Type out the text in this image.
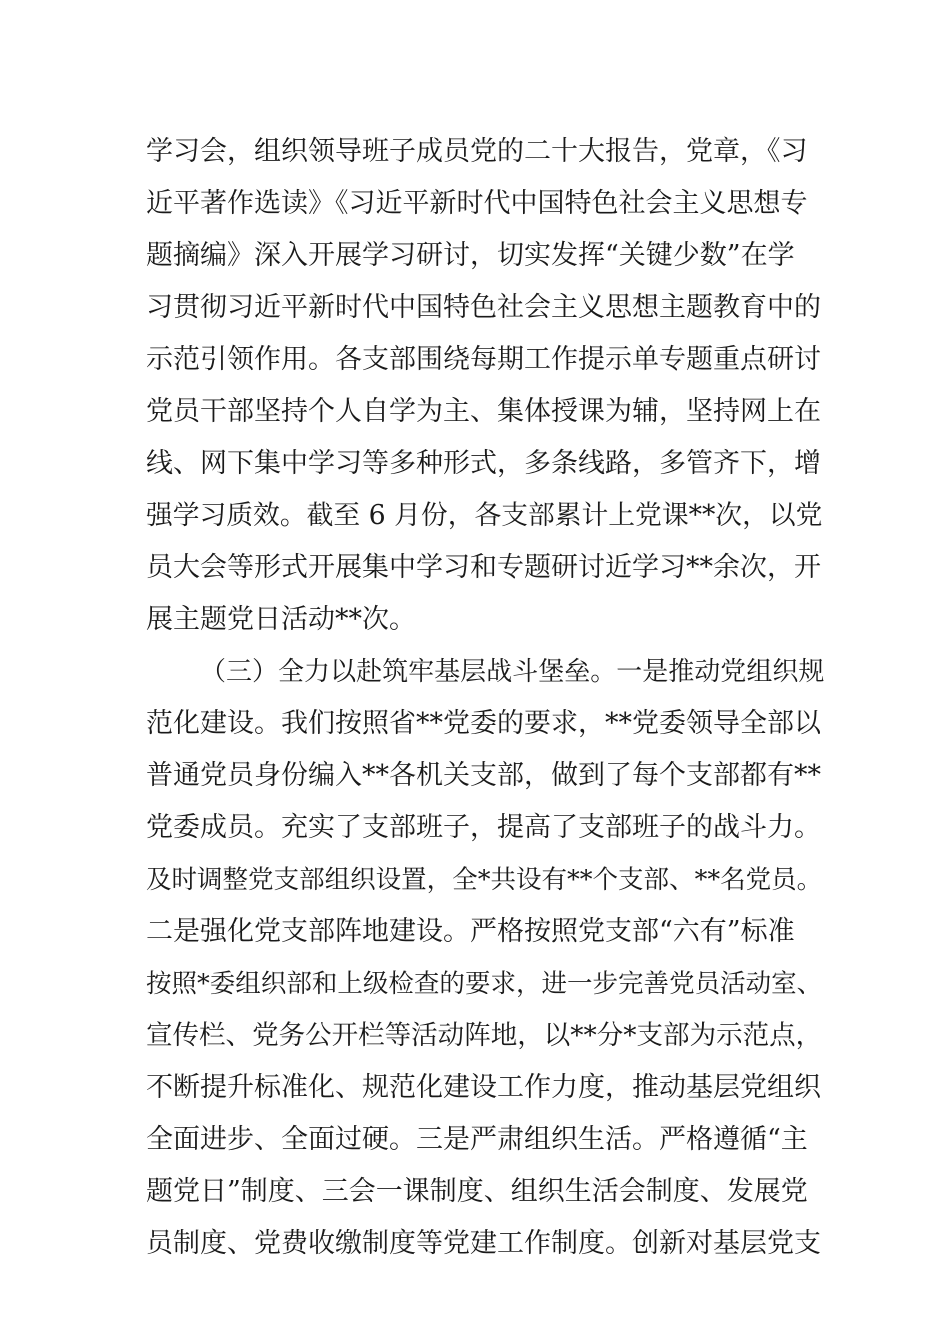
学习会，组织领导班子成员党的二十大报告，党章，《习
近平著作选读》《习近平新时代中国特色社会主义思想专
题摘编》深入开展学习研讨，切实发挥“关键少数”在学
习贯彻习近平新时代中国特色社会主义思想主题教育中的
示范引领作用。各支部围绕每期工作提示单专题重点研讨
党员干部坚持个人自学为主、集体授课为辅，坚持网上在
线、网下集中学习等多种形式，多条线路，多管齐下，增
强学习质效。截至 6 月份，各支部累计上党课**次，以党
员大会等形式开展集中学习和专题研讨近学习**余次，开
展主题党日活动**次。
（三）全力以赴筑牢基层战斗堡垒。一是推动党组织规
范化建设。我们按照省**党委的要求，**党委领导全部以
普通党员身份编入**各机关支部，做到了每个支部都有**
党委成员。充实了支部班子，提高了支部班子的战斗力。
及时调整党支部组织设置，全*共设有**个支部、**名党员。
二是强化党支部阵地建设。严格按照党支部“六有”标准
按照*委组织部和上级检查的要求，进一步完善党员活动室、
宣传栏、党务公开栏等活动阵地，以**分*支部为示范点，
不断提升标准化、规范化建设工作力度，推动基层党组织
全面进步、全面过硬。三是严肃组织生活。严格遵循“主
题党日”制度、三会一课制度、组织生活会制度、发展党
员制度、党费收缴制度等党建工作制度。创新对基层党支
